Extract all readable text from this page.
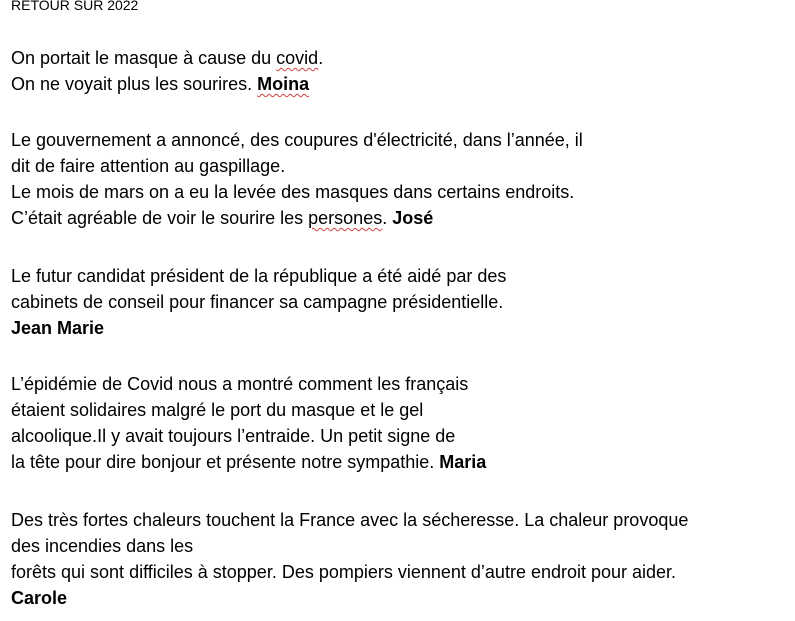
RETOUR SUR 2022

On portait le masque à cause du covid.
On ne voyait plus les sourires. Moina
Le gouvernement a annoncé, des coupures d'électricité, dans l’année, il
dit de faire attention au gaspillage.
Le mois de mars on a eu la levée des masques dans certains endroits.
C’était agréable de voir le sourire les persones. José
Le futur candidat président de la république a été aidé par des
cabinets de conseil pour financer sa campagne présidentielle.
Jean Marie
L’épidémie de Covid nous a montré comment les français
étaient solidaires malgré le port du masque et le gel
alcoolique.Il y avait toujours l’entraide. Un petit signe de
la tête pour dire bonjour et présente notre sympathie. Maria
Des très fortes chaleurs touchent la France avec la sécheresse. La chaleur provoque
des incendies dans les
forêts qui sont difficiles à stopper. Des pompiers viennent d’autre endroit pour aider.
Carole
